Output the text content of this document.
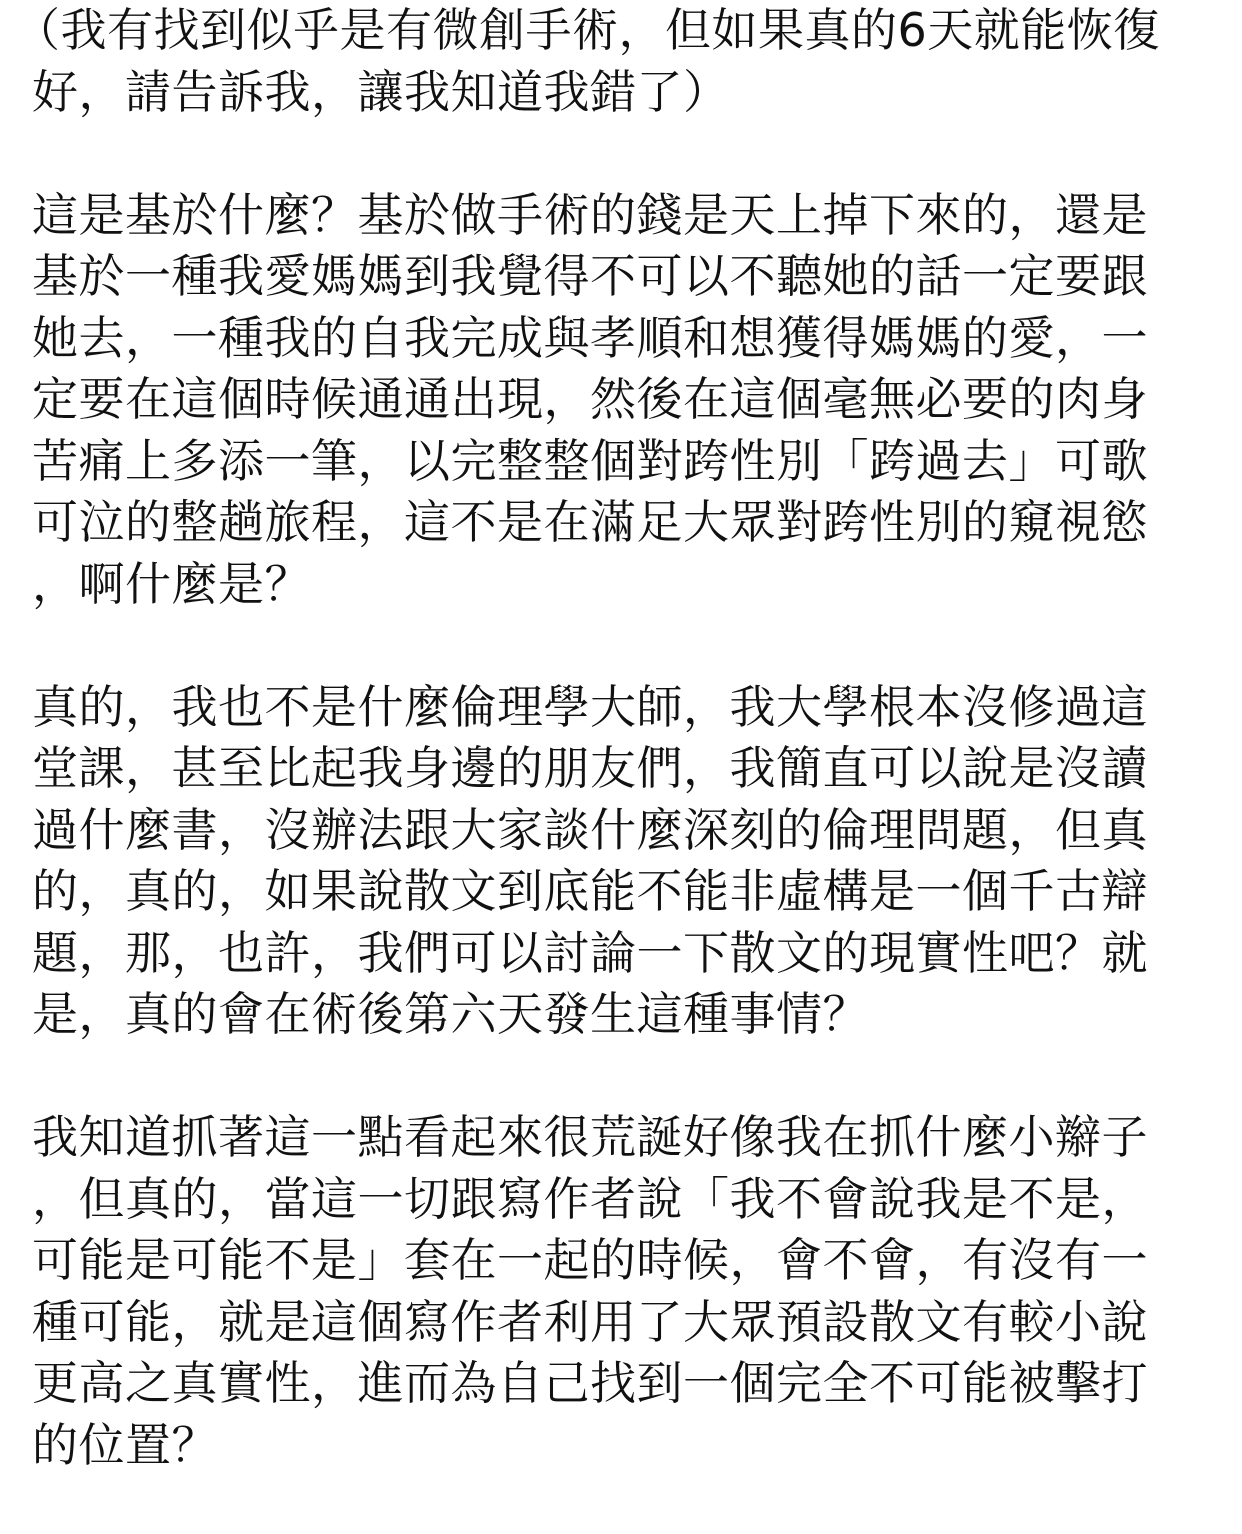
（我有找到似乎是有微創手術，但如果真的6天就能恢復
好，請告訴我，讓我知道我錯了）
這是基於什麼？基於做手術的錢是天上掉下來的，還是
基於一種我愛媽媽到我覺得不可以不聽她的話一定要跟
她去，一種我的自我完成與孝順和想獲得媽媽的愛，一
定要在這個時候通通出現，然後在這個毫無必要的肉身
苦痛上多添一筆，以完整整個對跨性別「跨過去」可歌
可泣的整趟旅程，這不是在滿足大眾對跨性別的窺視慾
，啊什麼是？
真的，我也不是什麼倫理學大師，我大學根本沒修過這
堂課，甚至比起我身邊的朋友們，我簡直可以說是沒讀
過什麼書，沒辦法跟大家談什麼深刻的倫理問題，但真
的，真的，如果說散文到底能不能非虛構是一個千古辯
題，那，也許，我們可以討論一下散文的現實性吧？就
是，真的會在術後第六天發生這種事情？
我知道抓著這一點看起來很荒誕好像我在抓什麼小辮子
，但真的，當這一切跟寫作者說「我不會說我是不是，
可能是可能不是」套在一起的時候，會不會，有沒有一
種可能，就是這個寫作者利用了大眾預設散文有較小說
更高之真實性，進而為自己找到一個完全不可能被擊打
的位置？
